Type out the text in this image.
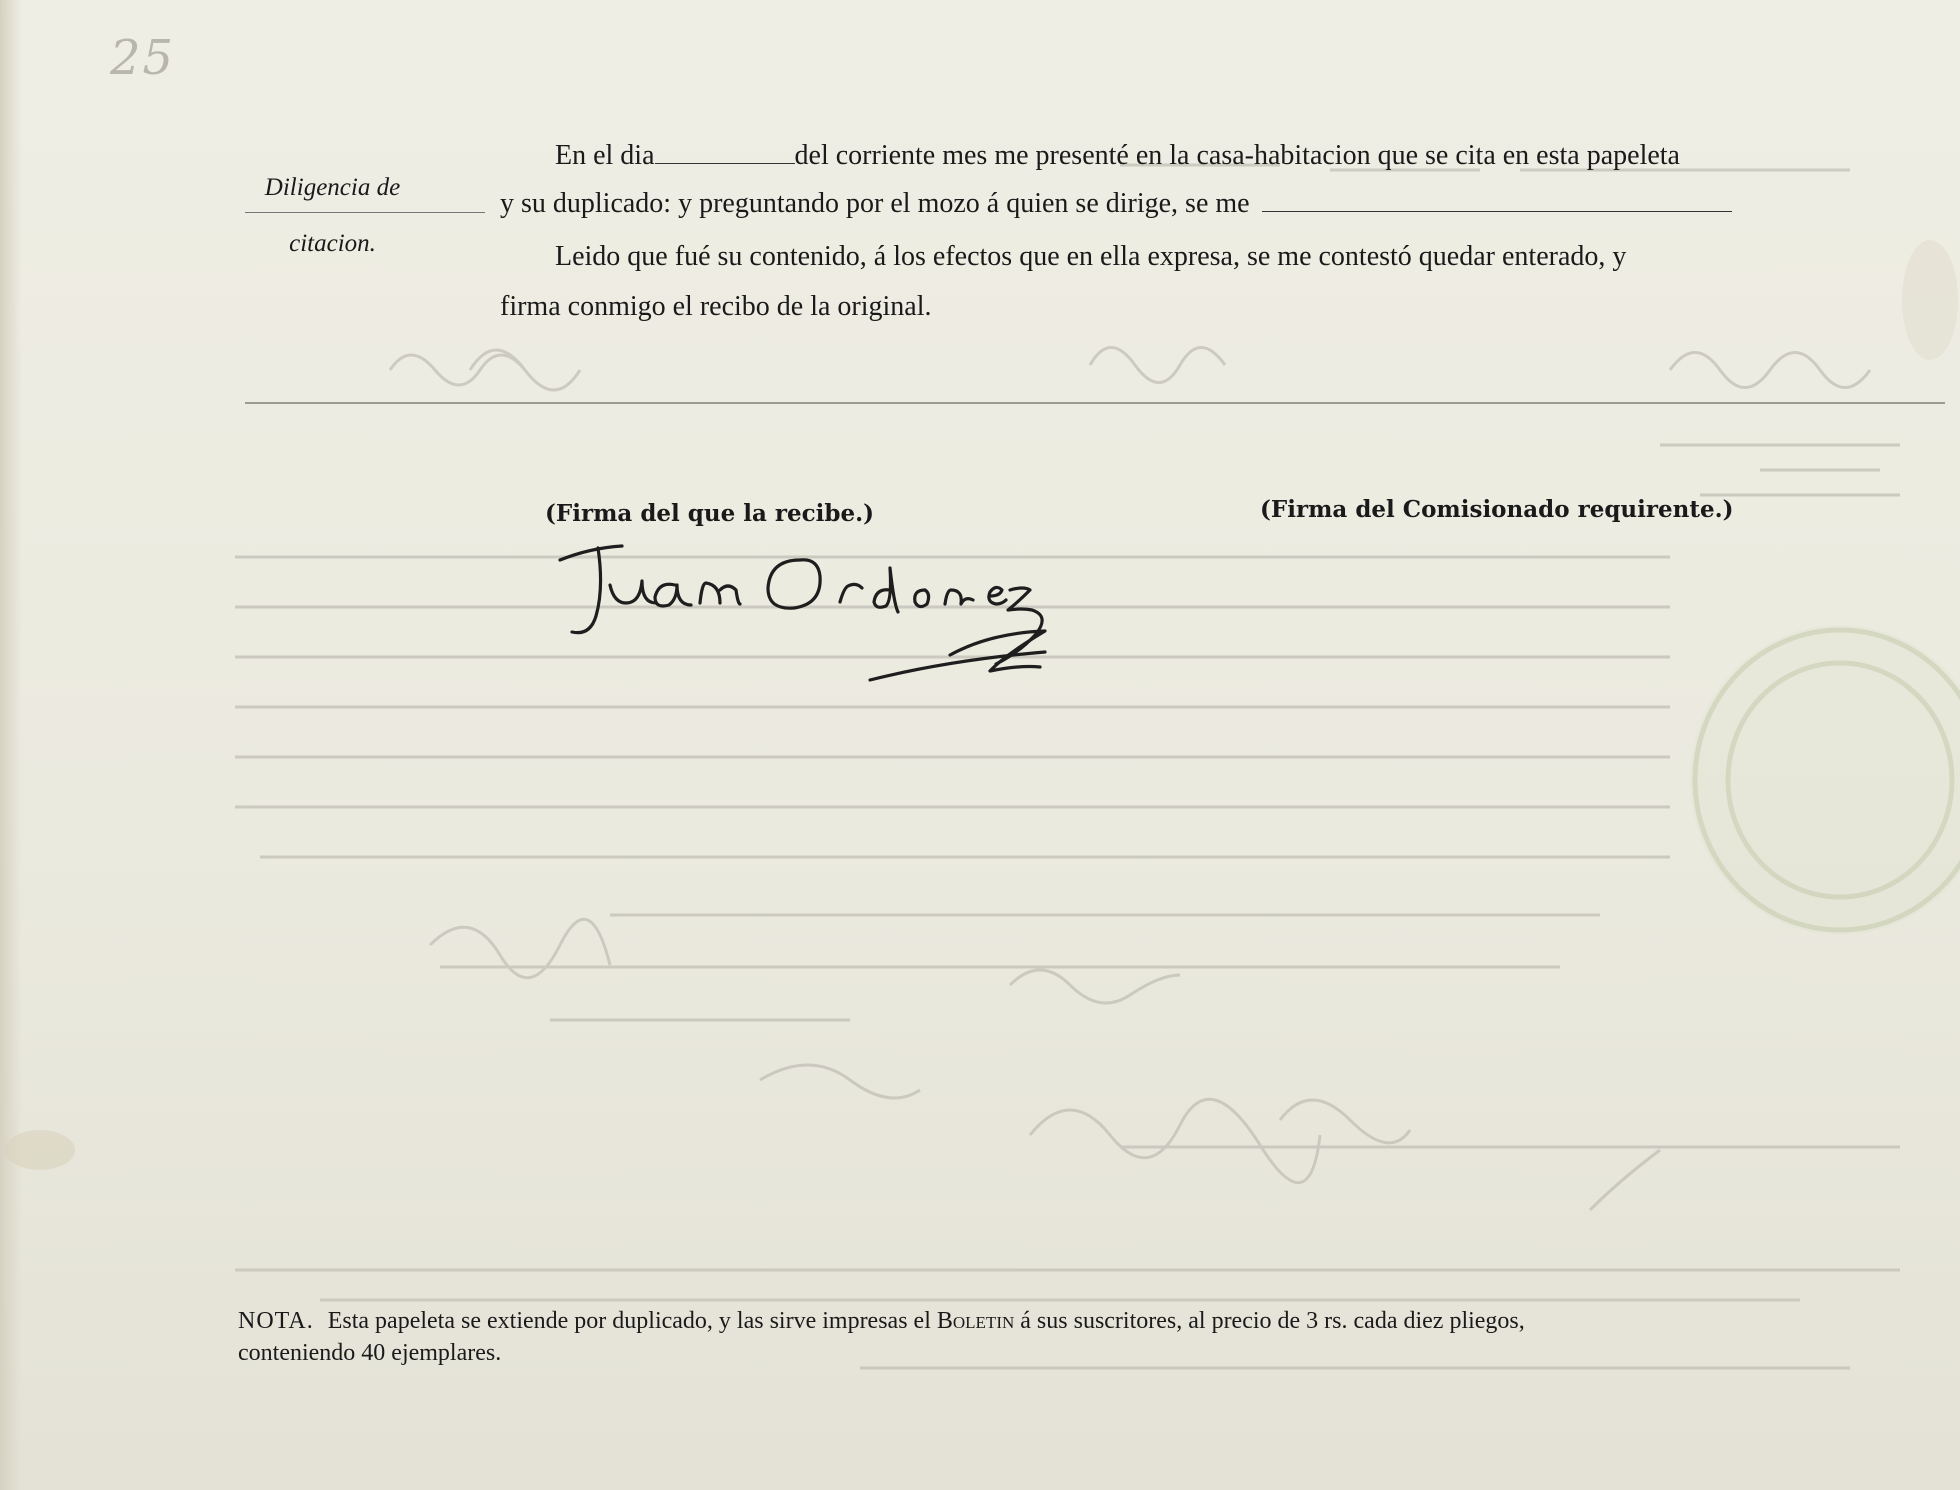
25
Diligencia de
citacion.
En el dia	del corriente mes me presenté en la casa-habitacion que se cita en esta papeleta
y su duplicado: y preguntando por el mozo á quien se dirige, se me
Leido que fué su contenido, á los efectos que en ella expresa, se me contestó quedar enterado, y
firma conmigo el recibo de la original.
(Firma del que la recibe.)	(Firma del Comisionado requirente.)
NOTA. Esta papeleta se extiende por duplicado, y las sirve impresas el Boletin á sus suscritores, al precio de 3 rs. cada diez pliegos,
conteniendo 40 ejemplares.
